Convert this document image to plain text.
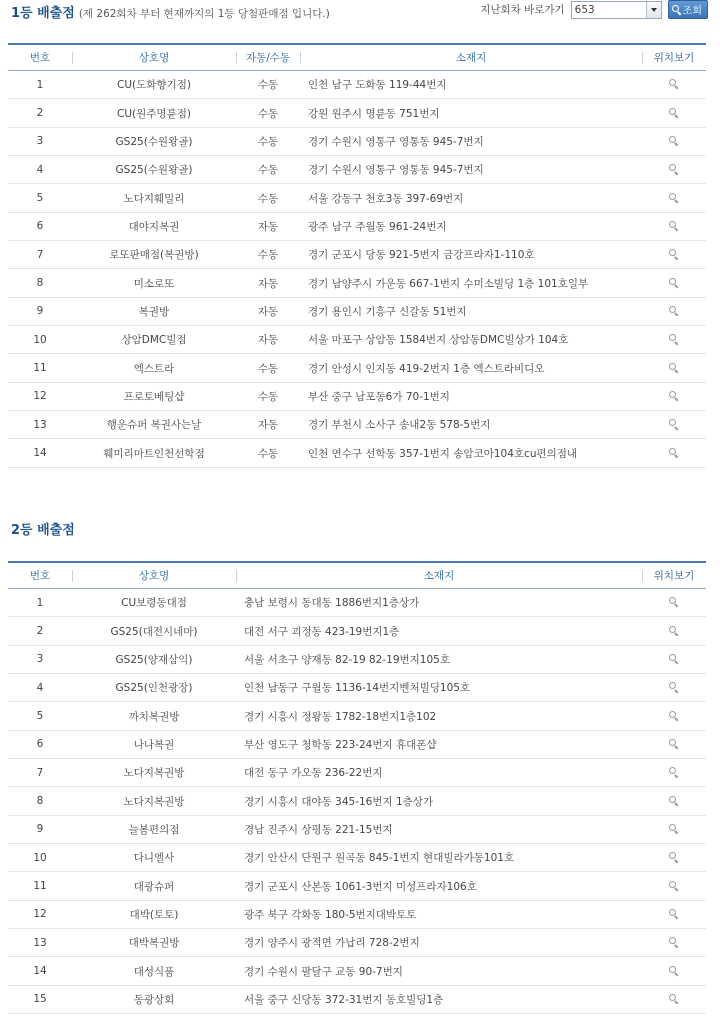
1등 배출점 (제 262회차 부터 현재까지의 1등 당첨판매점 입니다.)	지난회차 바로가기 653	조회
번호	상호명	자동/수동	소재지	위치보기
1	CU(도화향기점)	수동	인천 남구 도화동 119-44번지	
2	CU(원주명륜점)	수동	강원 원주시 명륜동 751번지	
3	GS25(수원왕골)	수동	경기 수원시 영통구 영통동 945-7번지	
4	GS25(수원왕골)	수동	경기 수원시 영통구 영통동 945-7번지	
5	노다지훼밀리	수동	서울 강동구 천호3동 397-69번지	
6	대야지복권	자동	광주 남구 주월동 961-24번지	
7	로또판매점(복권방)	수동	경기 군포시 당동 921-5번지 금강프라자1-110호	
8	미소로또	자동	경기 남양주시 가운동 667-1번지 수미소빌딩 1층 101호일부	
9	복권방	자동	경기 용인시 기흥구 신갈동 51번지	
10	상암DMC빌점	자동	서울 마포구 상암동 1584번지 상암동DMC빌상가 104호	
11	엑스트라	수동	경기 안성시 인지동 419-2번지 1층 엑스트라비디오	
12	프로토베팅샵	수동	부산 중구 남포동6가 70-1번지	
13	행운슈퍼 복권사는날	자동	경기 부천시 소사구 송내2동 578-5번지	
14	훼미리마트인천선학점	수동	인천 연수구 선학동 357-1번지 송암코아104호cu편의점내	
2등 배출점
번호	상호명	소재지	위치보기
1	CU보령동대점	충남 보령시 동대동 1886번지1층상가	
2	GS25(대전시네마)	대전 서구 괴정동 423-19번지1층	
3	GS25(양재삼익)	서울 서초구 양재동 82-19 82-19번지105호	
4	GS25(인천광장)	인천 남동구 구월동 1136-14번지벤처빌딩105호	
5	까치복권방	경기 시흥시 정왕동 1782-18번지1층102	
6	나나복권	부산 영도구 청학동 223-24번지 휴대폰샵	
7	노다지복권방	대전 동구 가오동 236-22번지	
8	노다지복권방	경기 시흥시 대야동 345-16번지 1층상가	
9	늘봄편의점	경남 진주시 상평동 221-15번지	
10	다니엘사	경기 안산시 단원구 원곡동 845-1번지 현대빌라가동101호	
11	대광슈퍼	경기 군포시 산본동 1061-3번지 미성프라자106호	
12	대박(토토)	광주 북구 각화동 180-5번지대박토토	
13	대박복권방	경기 양주시 광적면 가납리 728-2번지	
14	대성식품	경기 수원시 팔달구 교동 90-7번지	
15	동광상회	서울 중구 신당동 372-31번지 동호빌딩1층	
